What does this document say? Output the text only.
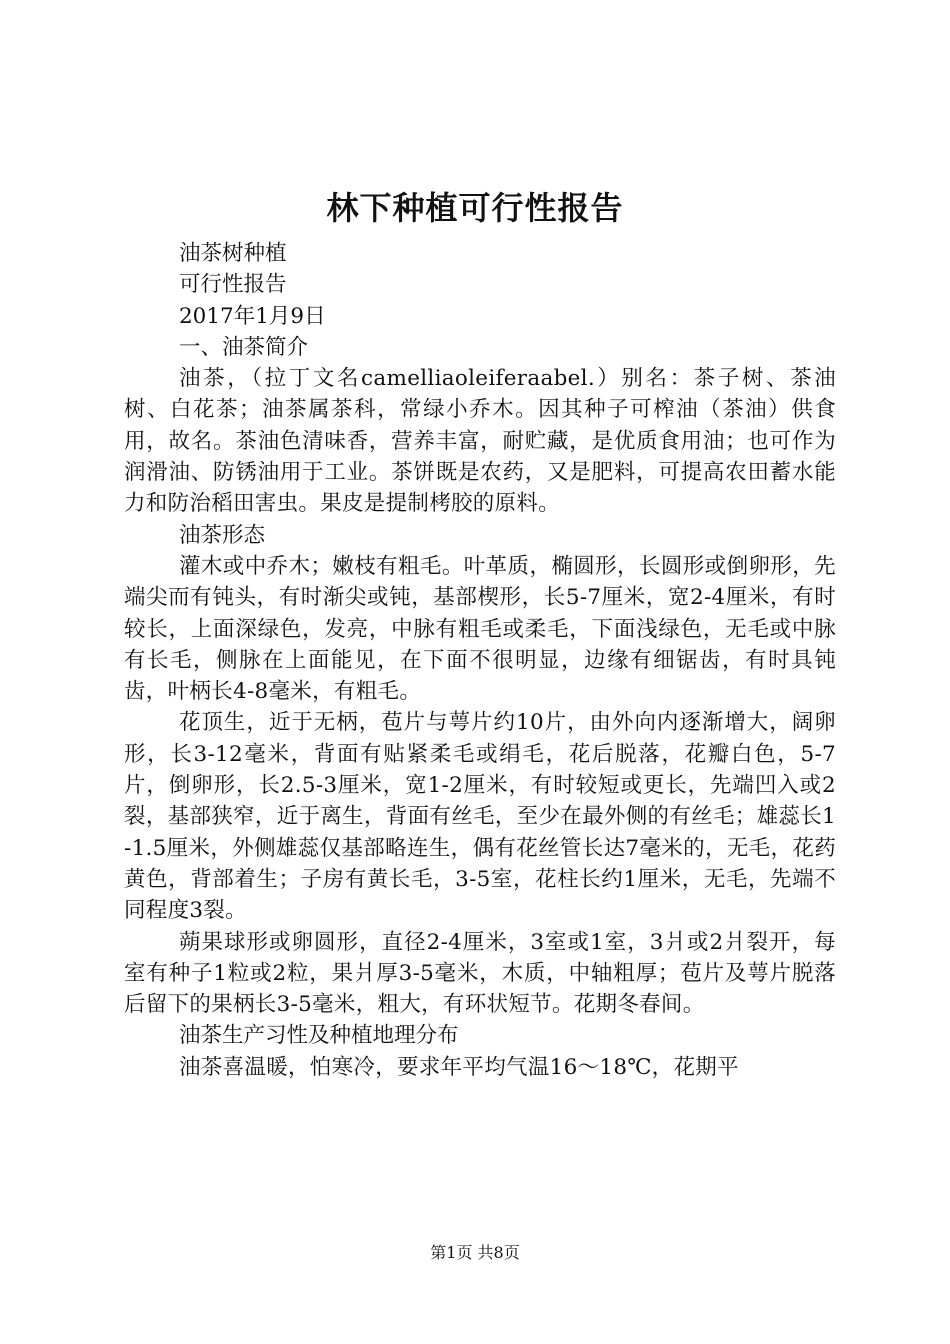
林下种植可行性报告

油茶树种植

可行性报告

2017年1月9日

一、油茶简介

油茶，（拉丁文名camelliaoleiferaabel.）别名：茶子树、茶油树、白花茶；油茶属茶科，常绿小乔木。因其种子可榨油（茶油）供食用，故名。茶油色清味香，营养丰富，耐贮藏，是优质食用油；也可作为润滑油、防锈油用于工业。茶饼既是农药，又是肥料，可提高农田蓄水能力和防治稻田害虫。果皮是提制栲胶的原料。

油茶形态

灌木或中乔木；嫩枝有粗毛。叶革质，椭圆形，长圆形或倒卵形，先端尖而有钝头，有时渐尖或钝，基部楔形，长5-7厘米，宽2-4厘米，有时较长，上面深绿色，发亮，中脉有粗毛或柔毛，下面浅绿色，无毛或中脉有长毛，侧脉在上面能见，在下面不很明显，边缘有细锯齿，有时具钝齿，叶柄长4-8毫米，有粗毛。

花顶生，近于无柄，苞片与萼片约10片，由外向内逐渐增大，阔卵形，长3-12毫米，背面有贴紧柔毛或绢毛，花后脱落，花瓣白色，5-7片，倒卵形，长2.5-3厘米，宽1-2厘米，有时较短或更长，先端凹入或2裂，基部狭窄，近于离生，背面有丝毛，至少在最外侧的有丝毛；雄蕊长1-1.5厘米，外侧雄蕊仅基部略连生，偶有花丝管长达7毫米的，无毛，花药黄色，背部着生；子房有黄长毛，3-5室，花柱长约1厘米，无毛，先端不同程度3裂。

蒴果球形或卵圆形，直径2-4厘米，3室或1室，3爿或2爿裂开，每室有种子1粒或2粒，果爿厚3-5毫米，木质，中轴粗厚；苞片及萼片脱落后留下的果柄长3-5毫米，粗大，有环状短节。花期冬春间。

油茶生产习性及种植地理分布

油茶喜温暖，怕寒冷，要求年平均气温16～18℃，花期平

第1页 共8页
